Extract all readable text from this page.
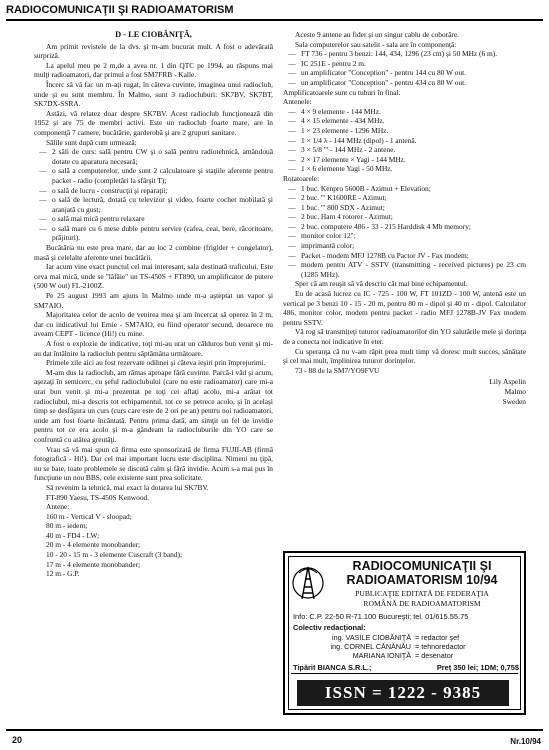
RADIOCOMUNICAŢII ŞI RADIOAMATORISM
D - LE CIOBĂNIŢĂ,

Am primit revistele de la dvs. şi m-am bucurat mult. A fost o adevărată surpriză.

La apelul meu pe 2 m,de a avea nr. 1 din QTC pe 1994, au răspuns mai mulţi radioamatori, dar primul a fost SM7FRB - Kalle.

Încerc să vă fac un m-ați rugat, în câteva cuvinte, imaginea unui radioclub, unde şi eu sunt membru. În Malmo, sunt 3 radiocluburi: SK7BV, SK7BT, SK7DX-SSRA.

Astăzi, vă relatez doar despre SK7BV. Acest radioclub funcţionează din 1952 şi are 75 de membri activi. Este un radioclub foarte mare, are în componenţă 7 camere, bucătărie, garderobă şi are 2 grupuri sanitare.

Sălile sunt după cum urmează:

— 2 săli de curs: sală pentru CW şi o sală pentru radiotehnică, amândouă dotate cu aparatura necesară;
— o sală a computerelor, unde sunt 2 calculatoare şi staţiile aferente pentru packet - radio (completări la sfârşit T);
— o sală de lucru - construcţii şi reparaţii;
— o sală de lectură, dotată cu televizor şi video, foarte cochet mobilată şi aranjată cu gust;
— o sală mai mică pentru relaxare
— o sală mare cu 6 mese duble pentru servire (cafea, ceai, bere, răcoritoare, prăjituri).

Bucătăria nu este prea mare, dar au loc 2 combine (frigider + congelator), masă şi celelalte aferente unei bucătării.

Iar acum vine exact punctul cel mai interesant, sala destinată traficului. Este ceva mai mică, unde se "lăfăie" un TS-450S + FT890, un amplificator de putere (500 W out) FL-2100Z.

Pe 25 august 1993 am ajuns în Malmo unde m-a aşteptat un vapor şi SM7AIO.

Majoritatea celor de acolo de venirea mea şi am încercat să operez în 2 m, dar cu indicativul lui Ernie - SM7AIO, eu fiind operator secund, deoarece nu aveam CEPT - licence (Hi!) cu mine.

A fost o explozie de indicative, toţi mi-au urat un călduros bun venit şi mi-au dat întâlnire la radioclub pentru săptămâna următoare.

Primele zile aici au fost rezervate odihnei şi câteva ieşiri prin împrejurimi.

M-am dus la radioclub, am rămas aproape fără cuvinte. Parcă-i văd şi acum, aşezaţi în semicerc, cu şeful radioclubului (care nu este radioamator) care mi-a urat bun venit şi mi-a prezentat pe toţi cei aflaţi acolo, mi-a arătat tot radioclubul, mi-a descris tot echipamentul, tot ce se petrece acolo, şi în acelaşi timp se desfăşura un curs (curs care este de 2 ori pe an) pentru noi radioamatori, unde am fost foarte încântată. Pentru prima dată, am simţit un fel de invidie pentru tot ce era acolo şi m-a gândeam la radiocluburile din YO care se confruntă cu atâtea greutăţi.

Vrau să vă mai spun că firma este sponsorizată de firma FUJII-AB (firmă fotografică - Hi!). Dar cel mai important lucru este disciplina. Nimeni nu ţipă, nu se bate, toate problemele se discută calm şi fără invidie. Acum s-a mai pus în funcţiune un nou BBS, cele existente sunt prea solicitate.

Să revenim la tehnică, mai exact la dotarea lui SK7BV.

FT-890 Yaesu, TS-450S Kenwood.

Antene:

160 m - Vertical V - sloopad;

80 m - iedern;

40 m - FD4 - LW;

20 m - 4 elemente monobander;

10 - 20 - 15 m - 3 elemente Cuscraft (3 band);

17 m - 4 elemente monobander;

12 m - G.P.

Aceste 9 antene au fider şi un singur cablu de coborâre.

Sala computerelor sau satelit - sala are în componenţă:

— FT 736 - pentru 3 benzi: 144, 434, 1296 (23 cm) şi 50 MHz (6 m).
— IC 251E - pentru 2 m.
— un amplificator "Conception" - pentru 144 cu 80 W out.
— un amplificator "Conception" - pentru 434 cu 80 W out.

Amplificatoarele sunt cu tuburi în final.

Antenele:

— 4 × 9 elemente - 144 MHz.
— 4 × 15 elemente - 434 MHz.
— 1 × 23 elemente - 1296 MHz.
— 1 × 1/4 λ - 144 MHz (dipol) - 1 antenă.
— 3 × 5/8 "' - 144 MHz - 2 antene.
— 2 × 17 elemente × Yagi - 144 MHz.
— 1 × 6 elemente Yagi - 50 MHz.

Rotatoarele:

— 1 buc. Kenpro 5600B - Azimut + Elevation;
— 2 buc. "' K1600RE - Azimut;
— 1 buc. "' 800 SDX - Azimut;
— 2 buc. Ham 4 rotorer - Azimut;
— 2 buc. computere 486 - 33 - 215 Harddisk 4 Mb memory;
— monitor color 12";
— imprimantă color;
— Packet - modem MFJ 1278B cu Pactor JV - Fax modem;
— modem pentru ATV - SSTV (transmitting - received pictures) pe 23 cm (1285 MHz).

Sper că am reuşit să vă descriu cât mai bine echipamentul.

Eu de acasă lucrez cu IC - 725 - 100 W, FT 101ZD - 100 W, antenă este un vertical pe 3 benzi 10 - 15 - 20 m, pentru 80 m - dipol şi 40 m - dipol. Calculator 486, monitor color, modem pentru packet - radio MFJ 1278B-JV Fax modem pentru SSTV.

Vă rog să transmiteţi tuturor radioamatorilor din YO salutările mele şi dorinţa de a conecta noi indicative în eter.

Cu speranţa că nu v-am răpit prea mult timp vă doresc mult succes, sănătate şi cel mai mult, împlinirea tuturor dorinţelor.

73 - 88 de la SM7/YO9FVU

Lily Aspelin

Malmo

Sweden

RADIOCOMUNICAŢII ŞI
RADIOAMATORISM 10/94
PUBLICAŢIE EDITATĂ DE FEDERAŢIA
ROMÂNĂ DE RADIOAMATORISM
Info: C.P. 22-50 R-71.100 Bucureşti; tel. 01/615.55.75
Colectiv redacţional:
ing. VASILE CIOBĂNIŢĂ = redactor şef
ing. CORNEL CĂNĂNĂU = tehnoredactor
MARIANA IONIŢĂ = desenator
Tipărit BIANCA S.R.L.;	Preţ 350 lei; 1DM; 0,75$
ISSN = 1222 - 9385
20	Nr.10/94
